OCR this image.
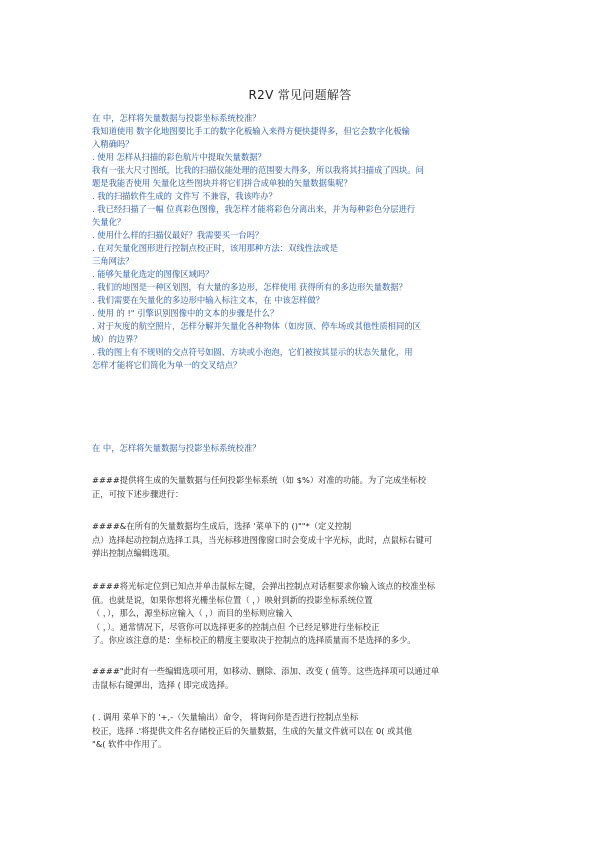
R2V 常见问题解答
在 中，怎样将矢量数据与投影坐标系统校准？
我知道使用 数字化地图要比手工的数字化板输入来得方便快捷得多，但它会数字化板输
入精确吗？
. 使用 怎样从扫描的彩色航片中提取矢量数据？
我有一张大尺寸图纸，比我的扫描仪能处理的范围要大得多，所以我将其扫描成了四块。问
题是我能否使用 矢量化这些图块并将它们拼合成单独的矢量数据集呢？
. 我的扫描软件生成的 文件写 不兼容，我该咋办？
. 我已经扫描了一幅 位真彩色图像，我怎样才能将彩色分离出来，并为每种彩色分层进行
矢量化？
. 使用什么样的扫描仪最好？我需要买一台吗？
. 在对矢量化图形进行控制点校正时，该用那种方法：双线性法或是
三角网法？
. 能够矢量化选定的图像区域吗？
. 我们的地图是一种区划图，有大量的多边形，怎样使用 获得所有的多边形矢量数据？
. 我们需要在矢量化的多边形中输入标注文本，在 中该怎样做？
. 使用 的 !" 引擎识别图像中的文本的步骤是什么？
. 对于灰度的航空照片，怎样分解并矢量化各种物体（如房顶、停车场或其他性质相同的区
域）的边界？
. 我的图上有不规则的交点符号如圆、方块或小泡泡，它们被按其显示的状态矢量化，用
怎样才能将它们简化为单一的交叉结点？
在 中，怎样将矢量数据与投影坐标系统校准？
####提供将生成的矢量数据与任何投影坐标系统（如 $%）对准的功能。为了完成坐标校
正，可按下述步骤进行：
####&在所有的矢量数据均生成后，选择 '菜单下的 ()""*（定义控制
点）选择起动控制点选择工具，当光标移进图像窗口时会变成十字光标，此时，点鼠标右键可
弹出控制点编辑选项。
####将光标定位到已知点并单击鼠标左键，会弹出控制点对话框要求你输入该点的校准坐标
值。也就是说，如果你想将光栅坐标位置（ ，）映射到新的投影坐标系统位置
（ ，），那么，源坐标应输入（ ，）而目的坐标则应输入
（ ，）。通常情况下，尽管你可以选择更多的控制点但 个已经足够进行坐标校正
了。你应该注意的是：坐标校正的精度主要取决于控制点的选择质量而不是选择的多少。
####"此时有一些编辑选项可用，如移动、删除、添加、改变 ( 值等。这些选择项可以通过单
击鼠标右键弹出，选择 ( 即完成选择。
( . 调用 菜单下的 '+,-（矢量输出）命令， 将询问你是否进行控制点坐标
校正，选择 .'将提供文件名存储校正后的矢量数据，生成的矢量文件就可以在 0( 或其他
"&( 软件中作用了。
